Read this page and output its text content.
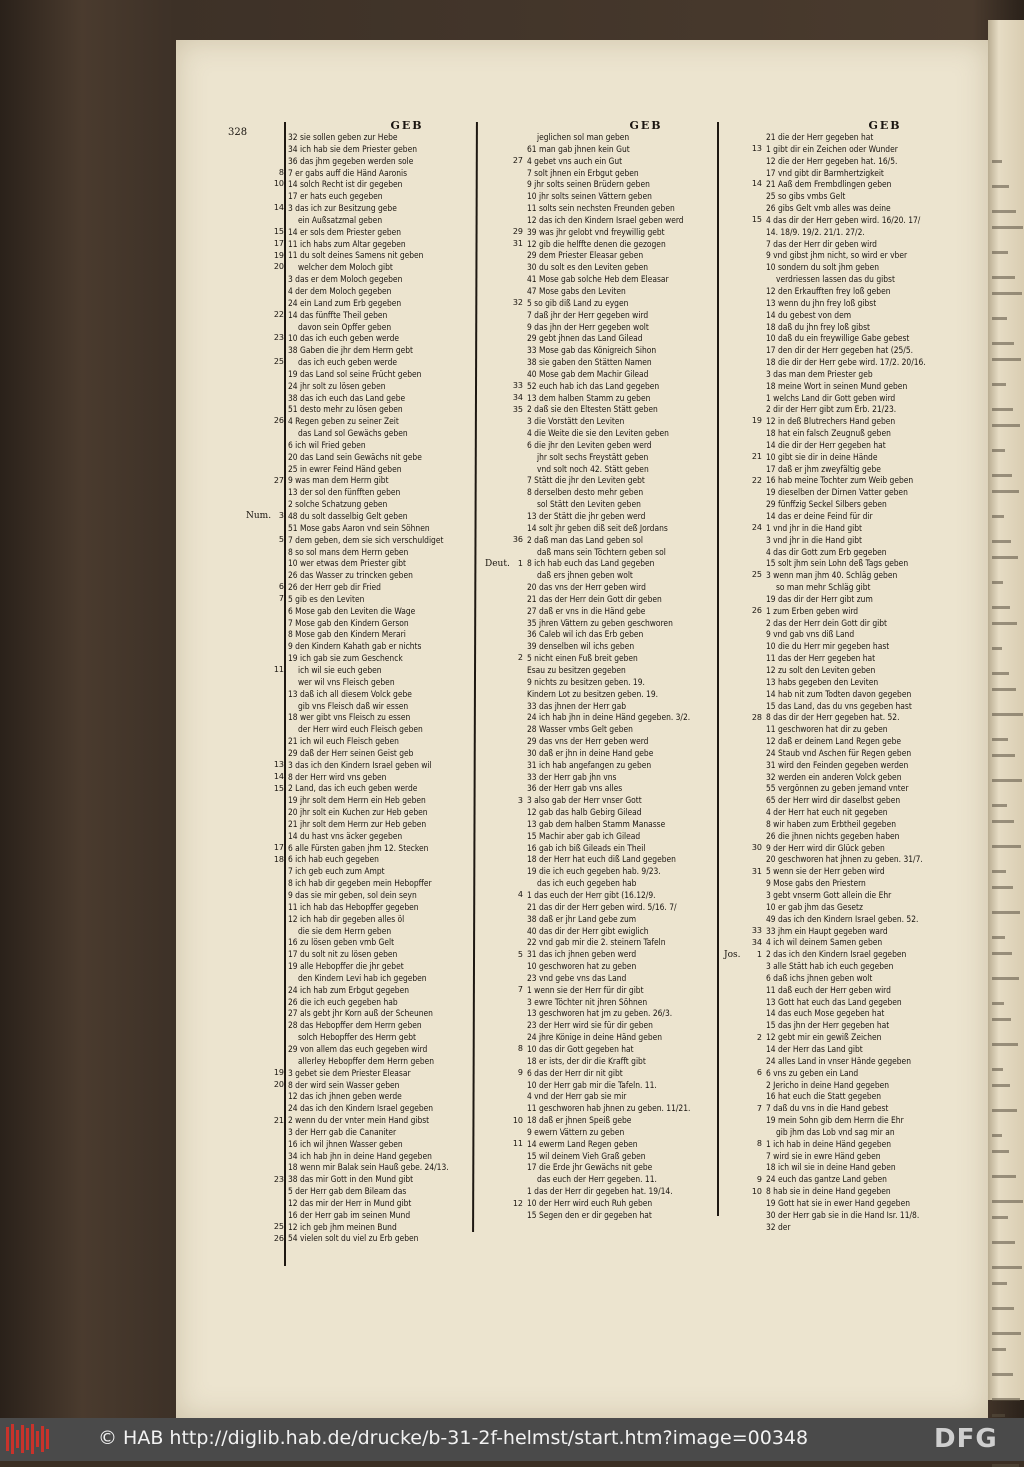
328
GEB
32 sie sollen geben zur Hebe
34 ich hab sie dem Priester geben
36 das jhm gegeben werden sole
7 er gabs auff die Händ Aaronis
14 solch Recht ist dir gegeben
17 er hats euch gegeben
3 das ich zur Besitzung gebe
ein Außsatzmal geben
14 er sols dem Priester geben
11 ich habs zum Altar gegeben
11 du solt deines Samens nit geben
welcher dem Moloch gibt
3 das er dem Moloch gegeben
4 der dem Moloch gegeben
24 ein Land zum Erb gegeben
14 das fünffte Theil geben
davon sein Opffer geben
10 das ich euch geben werde
38 Gaben die jhr dem Herrn gebt
das ich euch geben werde
19 das Land sol seine Frücht geben
24 jhr solt zu lösen geben
38 das ich euch das Land gebe
51 desto mehr zu lösen geben
4 Regen geben zu seiner Zeit
das Land sol Gewächs geben
6 ich wil Fried geben
20 das Land sein Gewächs nit gebe
25 in ewrer Feind Händ geben
9 was man dem Herrn gibt
13 der sol den fünfften geben
2 solche Schatzung geben
48 du solt dasselbig Gelt geben
51 Mose gabs Aaron vnd sein Söhnen
7 dem geben, dem sie sich verschuldiget
8 so sol mans dem Herrn geben
10 wer etwas dem Priester gibt
26 das Wasser zu trincken geben
26 der Herr geb dir Fried
5 gib es den Leviten
6 Mose gab den Leviten die Wage
7 Mose gab den Kindern Gerson
8 Mose gab den Kindern Merari
9 den Kindern Kahath gab er nichts
19 ich gab sie zum Geschenck
ich wil sie euch geben
wer wil vns Fleisch geben
13 daß ich all diesem Volck gebe
gib vns Fleisch daß wir essen
18 wer gibt vns Fleisch zu essen
der Herr wird euch Fleisch geben
21 ich wil euch Fleisch geben
29 daß der Herr seinen Geist geb
3 das ich den Kindern Israel geben wil
8 der Herr wird vns geben
2 Land, das ich euch geben werde
19 jhr solt dem Herrn ein Heb geben
20 jhr solt ein Kuchen zur Heb geben
21 jhr solt dem Herrn zur Heb geben
14 du hast vns äcker gegeben
6 alle Fürsten gaben jhm 12. Stecken
6 ich hab euch gegeben
7 ich geb euch zum Ampt
8 ich hab dir gegeben mein Hebopffer
9 das sie mir geben, sol dein seyn
11 ich hab das Hebopffer gegeben
12 ich hab dir gegeben alles öl
die sie dem Herrn geben
16 zu lösen geben vmb Gelt
17 du solt nit zu lösen geben
19 alle Hebopffer die jhr gebet
den Kindern Levi hab ich gegeben
24 ich hab zum Erbgut gegeben
26 die ich euch gegeben hab
27 als gebt jhr Korn auß der Scheunen
28 das Hebopffer dem Herrn geben
solch Hebopffer des Herrn gebt
29 von allem das euch gegeben wird
allerley Hebopffer dem Herrn geben
3 gebet sie dem Priester Eleasar
8 der wird sein Wasser geben
12 das ich jhnen geben werde
24 das ich den Kindern Israel gegeben
2 wenn du der vnter mein Hand gibst
3 der Herr gab die Cananiter
16 ich wil jhnen Wasser geben
34 ich hab jhn in deine Hand gegeben
18 wenn mir Balak sein Hauß gebe. 24/13.
38 das mir Gott in den Mund gibt
5 der Herr gab dem Bileam das
12 das mir der Herr in Mund gibt
16 der Herr gab im seinen Mund
12 ich geb jhm meinen Bund
54 vielen solt du viel zu Erb geben
8
10
14
15
17
19
20
22
23
25
26
27
3
5
6
7
11
13
14
15
17
18
19
20
21
23
25
26
Num.
GEB
jeglichen sol man geben
61 man gab jhnen kein Gut
4 gebet vns auch ein Gut
7 solt jhnen ein Erbgut geben
9 jhr solts seinen Brüdern geben
10 jhr solts seinen Vättern geben
11 solts sein nechsten Freunden geben
12 das ich den Kindern Israel geben werd
39 was jhr gelobt vnd freywillig gebt
12 gib die helffte denen die gezogen
29 dem Priester Eleasar geben
30 du solt es den Leviten geben
41 Mose gab solche Heb dem Eleasar
47 Mose gabs den Leviten
5 so gib diß Land zu eygen
7 daß jhr der Herr gegeben wird
9 das jhn der Herr gegeben wolt
29 gebt jhnen das Land Gilead
33 Mose gab das Königreich Sihon
38 sie gaben den Stätten Namen
40 Mose gab dem Machir Gilead
52 euch hab ich das Land gegeben
13 dem halben Stamm zu geben
2 daß sie den Eltesten Stätt geben
3 die Vorstätt den Leviten
4 die Weite die sie den Leviten geben
6 die jhr den Leviten geben werd
jhr solt sechs Freystätt geben
vnd solt noch 42. Stätt geben
7 Stätt die jhr den Leviten gebt
8 derselben desto mehr geben
sol Stätt den Leviten geben
13 der Stätt die jhr geben werd
14 solt jhr geben diß seit deß Jordans
2 daß man das Land geben sol
daß mans sein Töchtern geben sol
8 ich hab euch das Land gegeben
daß ers jhnen geben wolt
20 das vns der Herr geben wird
21 das der Herr dein Gott dir geben
27 daß er vns in die Händ gebe
35 jhren Vättern zu geben geschworen
36 Caleb wil ich das Erb geben
39 denselben wil ichs geben
5 nicht einen Fuß breit geben
Esau zu besitzen gegeben
9 nichts zu besitzen geben. 19.
Kindern Lot zu besitzen geben. 19.
33 das jhnen der Herr gab
24 ich hab jhn in deine Händ gegeben. 3/2.
28 Wasser vmbs Gelt geben
29 das vns der Herr geben werd
30 daß er jhn in deine Hand gebe
31 ich hab angefangen zu geben
33 der Herr gab jhn vns
36 der Herr gab vns alles
3 also gab der Herr vnser Gott
12 gab das halb Gebirg Gilead
13 gab dem halben Stamm Manasse
15 Machir aber gab ich Gilead
16 gab ich biß Gileads ein Theil
18 der Herr hat euch diß Land gegeben
19 die ich euch gegeben hab. 9/23.
das ich euch gegeben hab
1 das euch der Herr gibt (16.12/9.
21 das dir der Herr geben wird. 5/16. 7/
38 daß er jhr Land gebe zum
40 das dir der Herr gibt ewiglich
22 vnd gab mir die 2. steinern Tafeln
31 das ich jhnen geben werd
10 geschworen hat zu geben
23 vnd gebe vns das Land
1 wenn sie der Herr für dir gibt
3 ewre Töchter nit jhren Söhnen
13 geschworen hat jm zu geben. 26/3.
23 der Herr wird sie für dir geben
24 jhre Könige in deine Händ geben
10 das dir Gott gegeben hat
18 er ists, der dir die Krafft gibt
6 das der Herr dir nit gibt
10 der Herr gab mir die Tafeln. 11.
4 vnd der Herr gab sie mir
11 geschworen hab jhnen zu geben. 11/21.
18 daß er jhnen Speiß gebe
9 ewern Vättern zu geben
14 ewerm Land Regen geben
15 wil deinem Vieh Graß geben
17 die Erde jhr Gewächs nit gebe
das euch der Herr gegeben. 11.
1 das der Herr dir gegeben hat. 19/14.
10 der Herr wird euch Ruh geben
15 Segen den er dir gegeben hat
27
29
31
32
33
34
35
36
1
2
3
4
5
7
8
9
10
11
12
Deut.
GEB
21 die der Herr gegeben hat
1 gibt dir ein Zeichen oder Wunder
12 die der Herr gegeben hat. 16/5.
17 vnd gibt dir Barmhertzigkeit
21 Aaß dem Frembdlingen geben
25 so gibs vmbs Gelt
26 gibs Gelt vmb alles was deine
4 das dir der Herr geben wird. 16/20. 17/
14. 18/9. 19/2. 21/1. 27/2.
7 das der Herr dir geben wird
9 vnd gibst jhm nicht, so wird er vber
10 sondern du solt jhm geben
verdriessen lassen das du gibst
12 den Erkaufften frey loß geben
13 wenn du jhn frey loß gibst
14 du gebest von dem
18 daß du jhn frey loß gibst
10 daß du ein freywillige Gabe gebest
17 den dir der Herr gegeben hat (25/5.
18 die dir der Herr gebe wird. 17/2. 20/16.
3 das man dem Priester geb
18 meine Wort in seinen Mund geben
1 welchs Land dir Gott geben wird
2 dir der Herr gibt zum Erb. 21/23.
12 in deß Blutrechers Hand geben
18 hat ein falsch Zeugnuß geben
14 die dir der Herr gegeben hat
10 gibt sie dir in deine Hände
17 daß er jhm zweyfältig gebe
16 hab meine Tochter zum Weib geben
19 dieselben der Dirnen Vatter geben
29 fünffzig Seckel Silbers geben
14 das er deine Feind für dir
1 vnd jhr in die Hand gibt
3 vnd jhr in die Hand gibt
4 das dir Gott zum Erb gegeben
15 solt jhm sein Lohn deß Tags geben
3 wenn man jhm 40. Schläg geben
so man mehr Schläg gibt
19 das dir der Herr gibt zum
1 zum Erben geben wird
2 das der Herr dein Gott dir gibt
9 vnd gab vns diß Land
10 die du Herr mir gegeben hast
11 das der Herr gegeben hat
12 zu solt den Leviten geben
13 habs gegeben den Leviten
14 hab nit zum Todten davon gegeben
15 das Land, das du vns gegeben hast
8 das dir der Herr gegeben hat. 52.
11 geschworen hat dir zu geben
12 daß er deinem Land Regen gebe
24 Staub vnd Aschen für Regen geben
31 wird den Feinden gegeben werden
32 werden ein anderen Volck geben
55 vergönnen zu geben jemand vnter
65 der Herr wird dir daselbst geben
4 der Herr hat euch nit gegeben
8 wir haben zum Erbtheil gegeben
26 die jhnen nichts gegeben haben
9 der Herr wird dir Glück geben
20 geschworen hat jhnen zu geben. 31/7.
5 wenn sie der Herr geben wird
9 Mose gabs den Priestern
3 gebt vnserm Gott allein die Ehr
10 er gab jhm das Gesetz
49 das ich den Kindern Israel geben. 52.
33 jhm ein Haupt gegeben ward
4 ich wil deinem Samen geben
2 das ich den Kindern Israel gegeben
3 alle Stätt hab ich euch gegeben
6 daß ichs jhnen geben wolt
11 daß euch der Herr geben wird
13 Gott hat euch das Land gegeben
14 das euch Mose gegeben hat
15 das jhn der Herr gegeben hat
12 gebt mir ein gewiß Zeichen
14 der Herr das Land gibt
24 alles Land in vnser Hände gegeben
6 vns zu geben ein Land
2 Jericho in deine Hand gegeben
16 hat euch die Statt gegeben
7 daß du vns in die Hand gebest
19 mein Sohn gib dem Herrn die Ehr
gib jhm das Lob vnd sag mir an
1 ich hab in deine Händ gegeben
7 wird sie in ewre Händ geben
18 ich wil sie in deine Hand geben
24 euch das gantze Land geben
8 hab sie in deine Hand gegeben
19 Gott hat sie in ewer Hand gegeben
30 der Herr gab sie in die Hand Isr. 11/8.
32 der
13
14
15
19
21
22
24
25
26
28
30
31
33
34
1
2
6
7
8
9
10
Jos.
© HAB http://diglib.hab.de/drucke/b-31-2f-helmst/start.htm?image=00348	DFG
